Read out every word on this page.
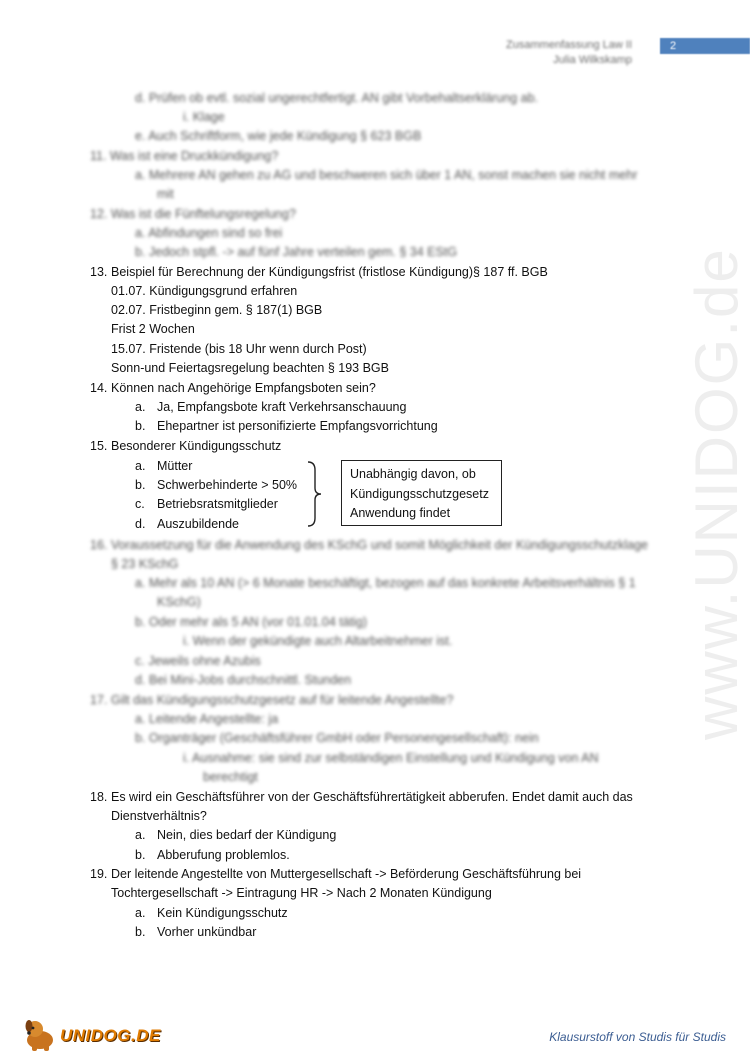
Zusammenfassung Law II
Julia Wilkskamp
2
www.UNIDOG.de
d. Prüfen ob evtl. sozial ungerechtfertigt. AN gibt Vorbehaltserklärung ab.
i. Klage
e. Auch Schriftform, wie jede Kündigung § 623 BGB
11. Was ist eine Druckkündigung?
a. Mehrere AN gehen zu AG und beschweren sich über 1 AN, sonst machen sie nicht mehr
mit
12. Was ist die Fünftelungsregelung?
a. Abfindungen sind so frei
b. Jedoch stpfl. -> auf fünf Jahre verteilen gem. § 34 EStG
13. Beispiel für Berechnung der Kündigungsfrist (fristlose Kündigung)§ 187 ff. BGB
01.07. Kündigungsgrund erfahren
02.07. Fristbeginn gem. § 187(1) BGB
Frist 2 Wochen
15.07. Fristende (bis 18 Uhr wenn durch Post)
Sonn-und Feiertagsregelung beachten § 193 BGB
14. Können nach Angehörige Empfangsboten sein?
a. Ja, Empfangsbote kraft Verkehrsanschauung
b. Ehepartner ist personifizierte Empfangsvorrichtung
15. Besonderer Kündigungsschutz
a. Mütter
b. Schwerbehinderte > 50%
c. Betriebsratsmitglieder
d. Auszubildende
Unabhängig davon, ob
Kündigungsschutzgesetz
Anwendung findet
16. Voraussetzung für die Anwendung des KSchG und somit Möglichkeit der Kündigungsschutzklage
§ 23 KSchG
a. Mehr als 10 AN (> 6 Monate beschäftigt, bezogen auf das konkrete Arbeitsverhältnis § 1
KSchG)
b. Oder mehr als 5 AN (vor 01.01.04 tätig)
i. Wenn der gekündigte auch Altarbeitnehmer ist.
c. Jeweils ohne Azubis
d. Bei Mini-Jobs durchschnittl. Stunden
17. Gilt das Kündigungsschutzgesetz auf für leitende Angestellte?
a. Leitende Angestellte: ja
b. Organträger (Geschäftsführer GmbH oder Personengesellschaft): nein
i. Ausnahme: sie sind zur selbständigen Einstellung und Kündigung von AN
berechtigt
18. Es wird ein Geschäftsführer von der Geschäftsführertätigkeit abberufen. Endet damit auch das
Dienstverhältnis?
a. Nein, dies bedarf der Kündigung
b. Abberufung problemlos.
19. Der leitende Angestellte von Muttergesellschaft -> Beförderung Geschäftsführung bei
Tochtergesellschaft -> Eintragung HR -> Nach 2 Monaten Kündigung
a. Kein Kündigungsschutz
b. Vorher unkündbar
UNIDOG.DE	Klausurstoff von Studis für Studis
